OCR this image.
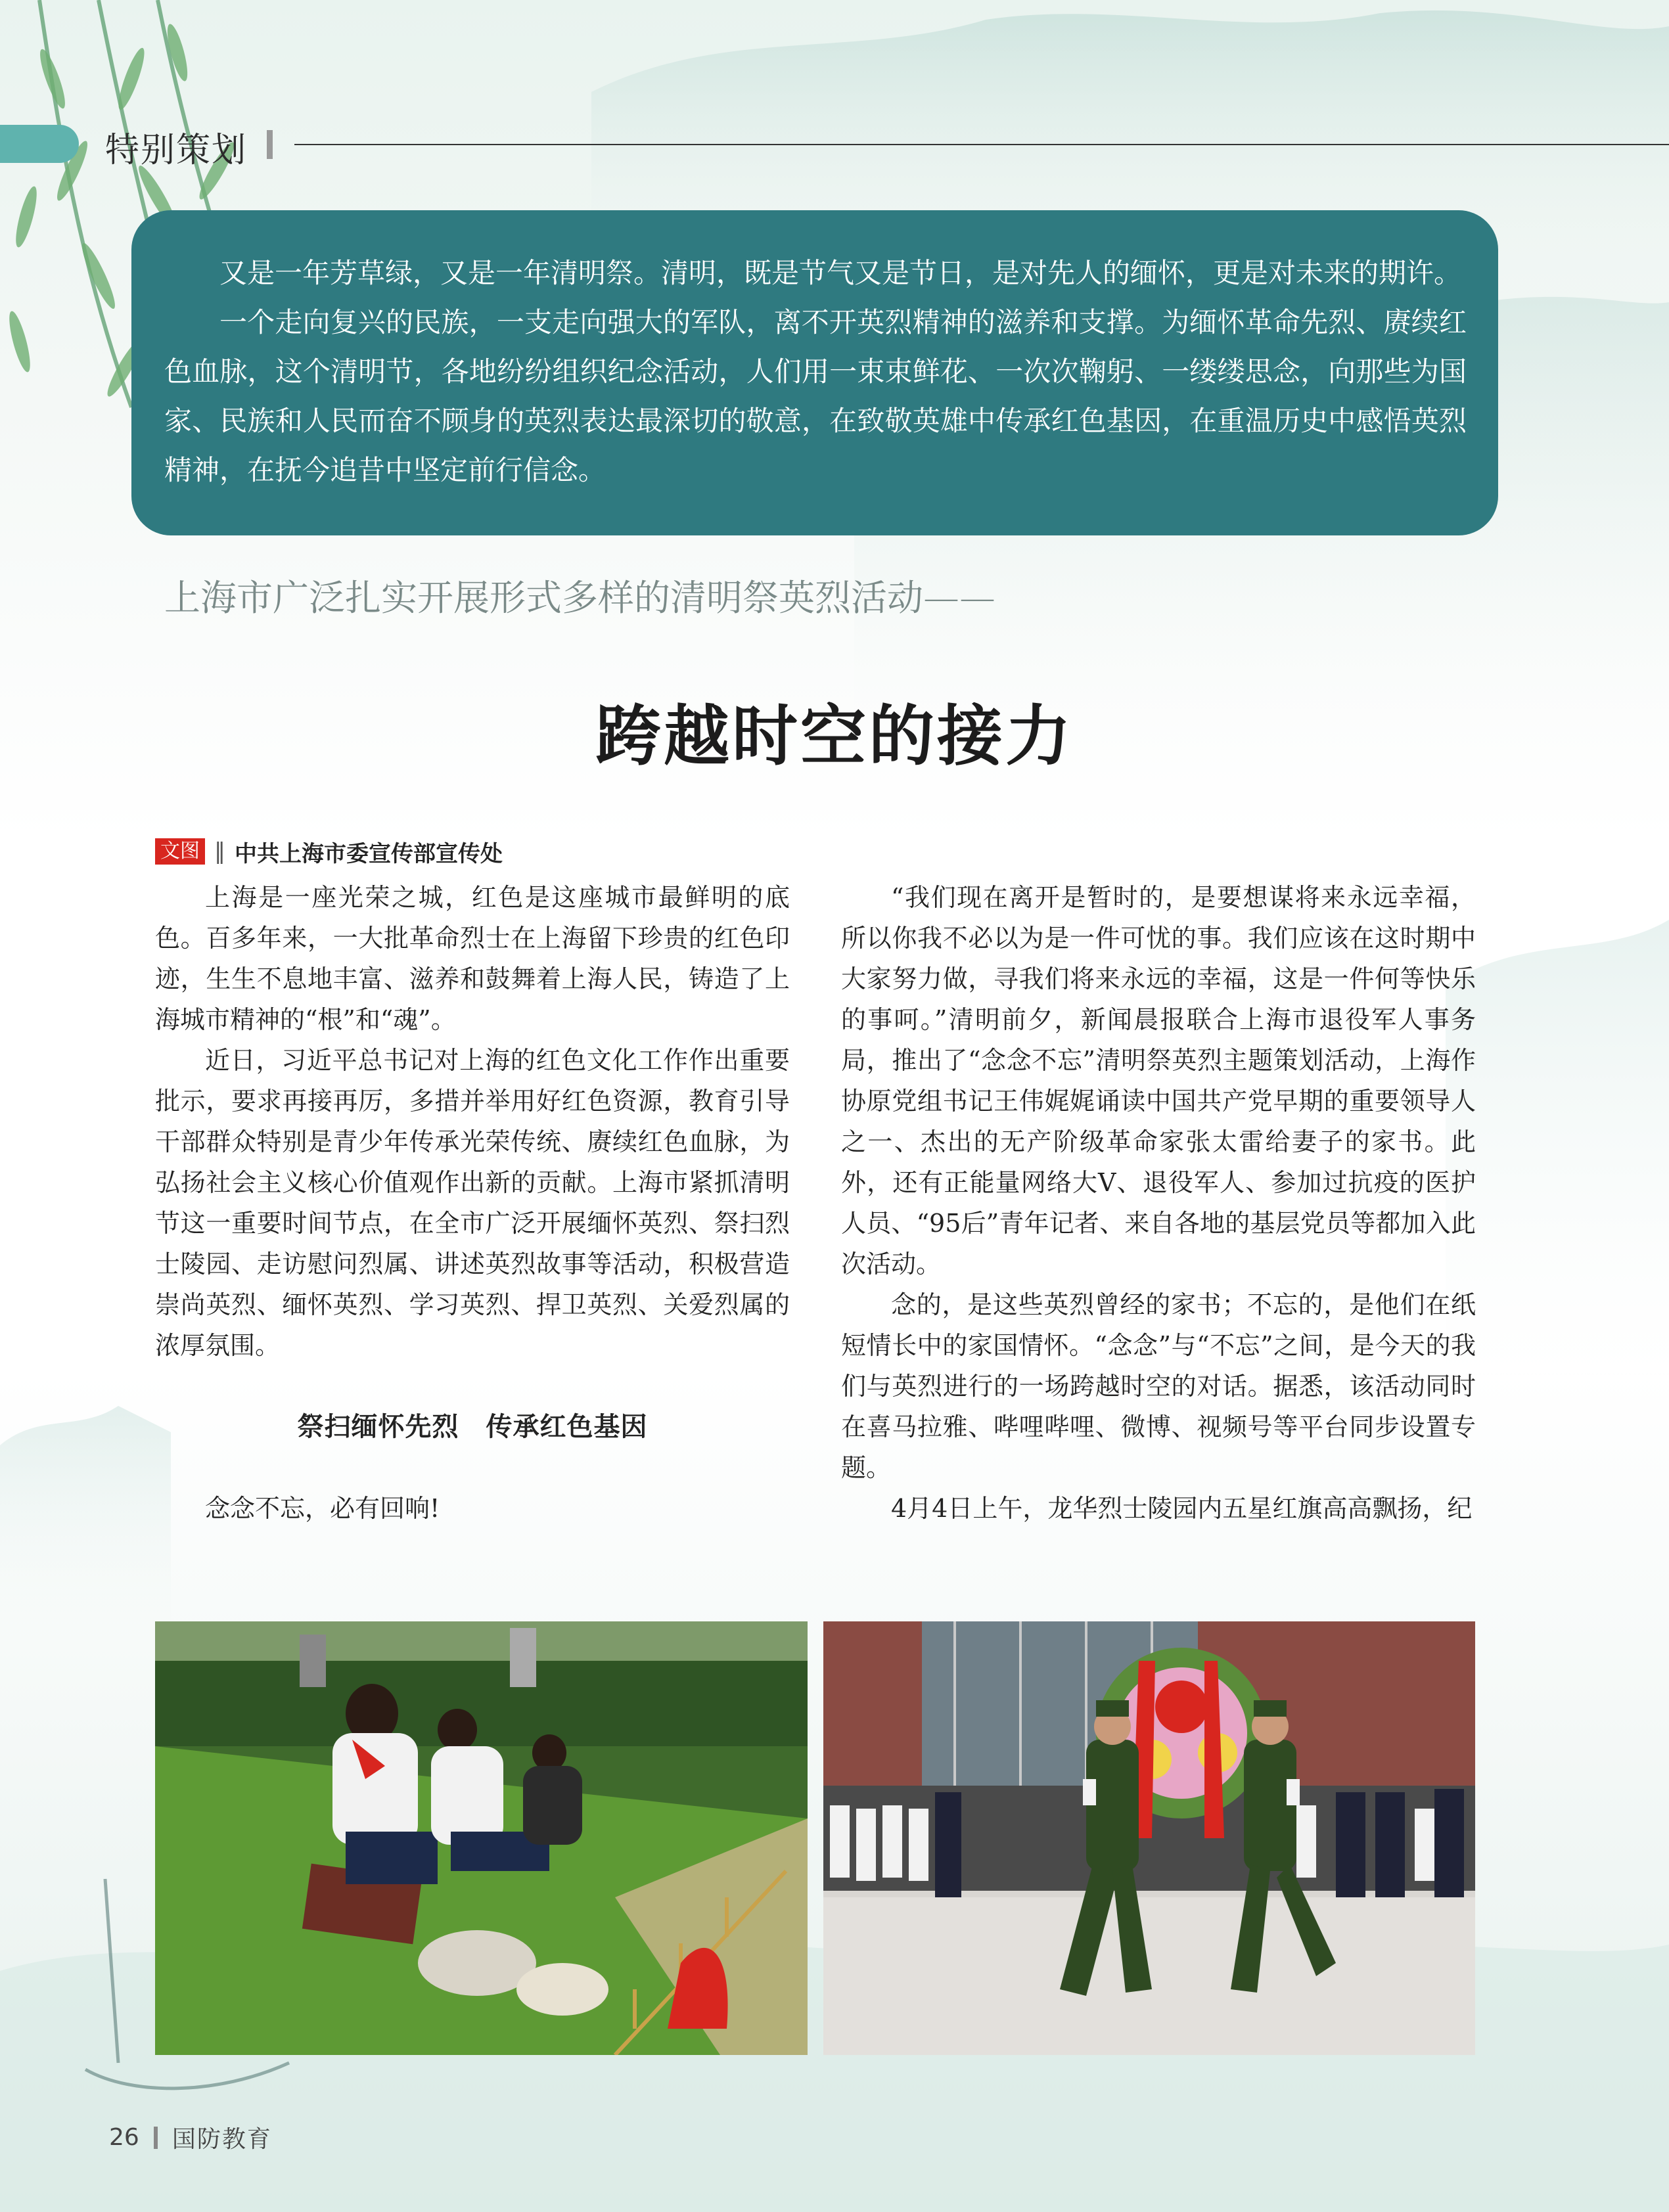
特别策划

又是一年芳草绿，又是一年清明祭。清明，既是节气又是节日，是对先人的缅怀，更是对未来的期许。

一个走向复兴的民族，一支走向强大的军队，离不开英烈精神的滋养和支撑。为缅怀革命先烈、赓续红色血脉，这个清明节，各地纷纷组织纪念活动，人们用一束束鲜花、一次次鞠躬、一缕缕思念，向那些为国家、民族和人民而奋不顾身的英烈表达最深切的敬意，在致敬英雄中传承红色基因，在重温历史中感悟英烈精神，在抚今追昔中坚定前行信念。

上海市广泛扎实开展形式多样的清明祭英烈活动——
跨越时空的接力
文图 ‖ 中共上海市委宣传部宣传处

上海是一座光荣之城，红色是这座城市最鲜明的底色。百多年来，一大批革命烈士在上海留下珍贵的红色印迹，生生不息地丰富、滋养和鼓舞着上海人民，铸造了上海城市精神的“根”和“魂”。

近日，习近平总书记对上海的红色文化工作作出重要批示，要求再接再厉，多措并举用好红色资源，教育引导干部群众特别是青少年传承光荣传统、赓续红色血脉，为弘扬社会主义核心价值观作出新的贡献。上海市紧抓清明节这一重要时间节点，在全市广泛开展缅怀英烈、祭扫烈士陵园、走访慰问烈属、讲述英烈故事等活动，积极营造崇尚英烈、缅怀英烈、学习英烈、捍卫英烈、关爱烈属的浓厚氛围。

祭扫缅怀先烈　传承红色基因

念念不忘，必有回响!

“我们现在离开是暂时的，是要想谋将来永远幸福，所以你我不必以为是一件可忧的事。我们应该在这时期中大家努力做，寻我们将来永远的幸福，这是一件何等快乐的事呵。”清明前夕，新闻晨报联合上海市退役军人事务局，推出了“念念不忘”清明祭英烈主题策划活动，上海作协原党组书记王伟娓娓诵读中国共产党早期的重要领导人之一、杰出的无产阶级革命家张太雷给妻子的家书。此外，还有正能量网络大V、退役军人、参加过抗疫的医护人员、“95后”青年记者、来自各地的基层党员等都加入此次活动。

念的，是这些英烈曾经的家书；不忘的，是他们在纸短情长中的家国情怀。“念念”与“不忘”之间，是今天的我们与英烈进行的一场跨越时空的对话。据悉，该活动同时在喜马拉雅、哔哩哔哩、微博、视频号等平台同步设置专题。

4月4日上午，龙华烈士陵园内五星红旗高高飘扬，纪

26 国防教育
